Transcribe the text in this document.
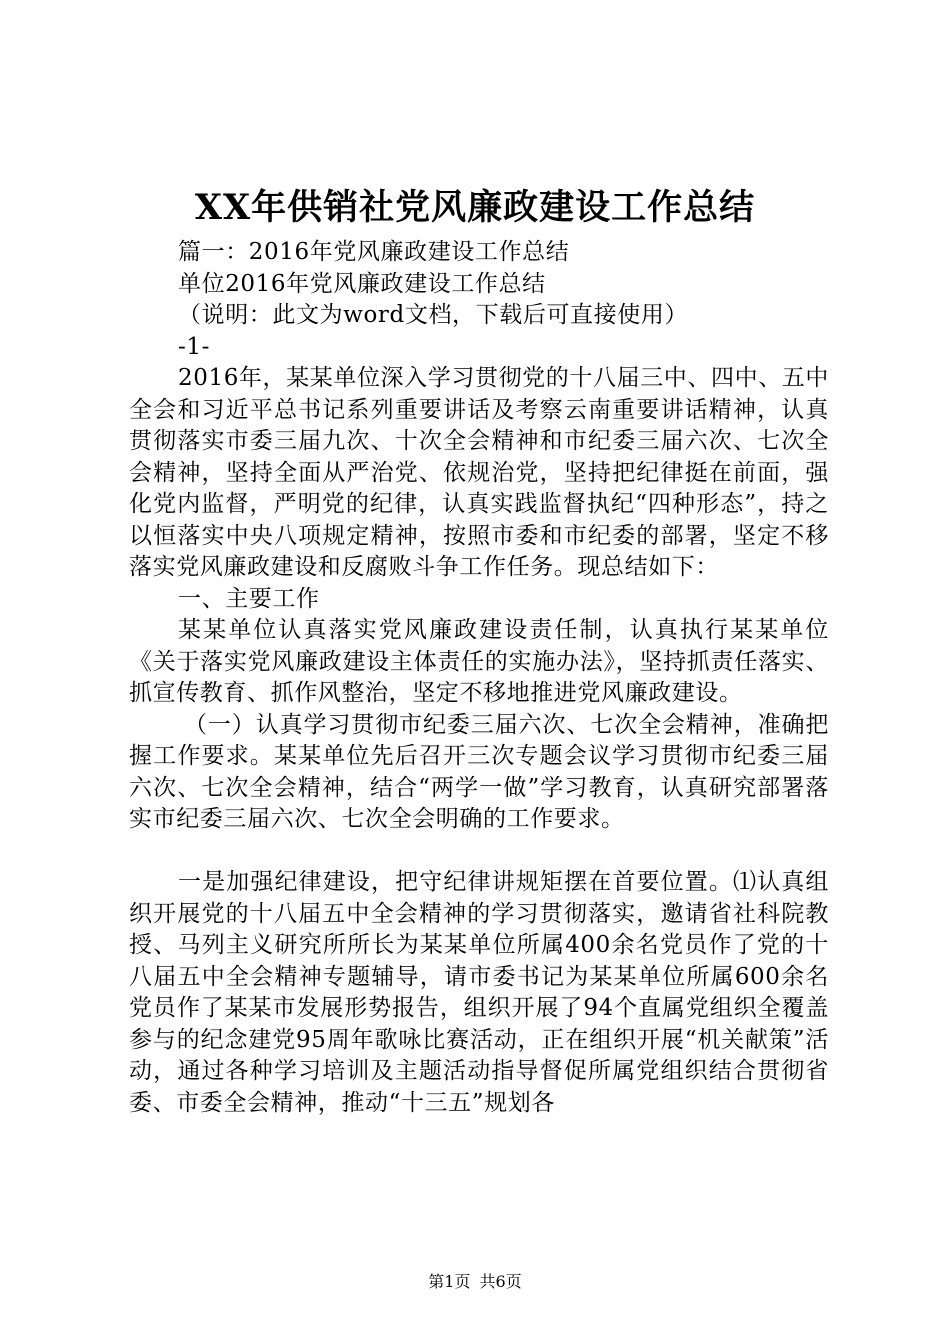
XX年供销社党风廉政建设工作总结

篇一：2016年党风廉政建设工作总结

单位2016年党风廉政建设工作总结

（说明：此文为word文档，下载后可直接使用）

-1-

2016年，某某单位深入学习贯彻党的十八届三中、四中、五中全会和习近平总书记系列重要讲话及考察云南重要讲话精神，认真贯彻落实市委三届九次、十次全会精神和市纪委三届六次、七次全会精神，坚持全面从严治党、依规治党，坚持把纪律挺在前面，强化党内监督，严明党的纪律，认真实践监督执纪“四种形态”，持之以恒落实中央八项规定精神，按照市委和市纪委的部署，坚定不移落实党风廉政建设和反腐败斗争工作任务。现总结如下：

一、主要工作

某某单位认真落实党风廉政建设责任制，认真执行某某单位《关于落实党风廉政建设主体责任的实施办法》，坚持抓责任落实、抓宣传教育、抓作风整治，坚定不移地推进党风廉政建设。

（一）认真学习贯彻市纪委三届六次、七次全会精神，准确把握工作要求。某某单位先后召开三次专题会议学习贯彻市纪委三届六次、七次全会精神，结合“两学一做”学习教育，认真研究部署落实市纪委三届六次、七次全会明确的工作要求。

一是加强纪律建设，把守纪律讲规矩摆在首要位置。⑴认真组织开展党的十八届五中全会精神的学习贯彻落实，邀请省社科院教授、马列主义研究所所长为某某单位所属400余名党员作了党的十八届五中全会精神专题辅导，请市委书记为某某单位所属600余名党员作了某某市发展形势报告，组织开展了94个直属党组织全覆盖参与的纪念建党95周年歌咏比赛活动，正在组织开展“机关献策”活动，通过各种学习培训及主题活动指导督促所属党组织结合贯彻省委、市委全会精神，推动“十三五”规划各

第1页 共6页
